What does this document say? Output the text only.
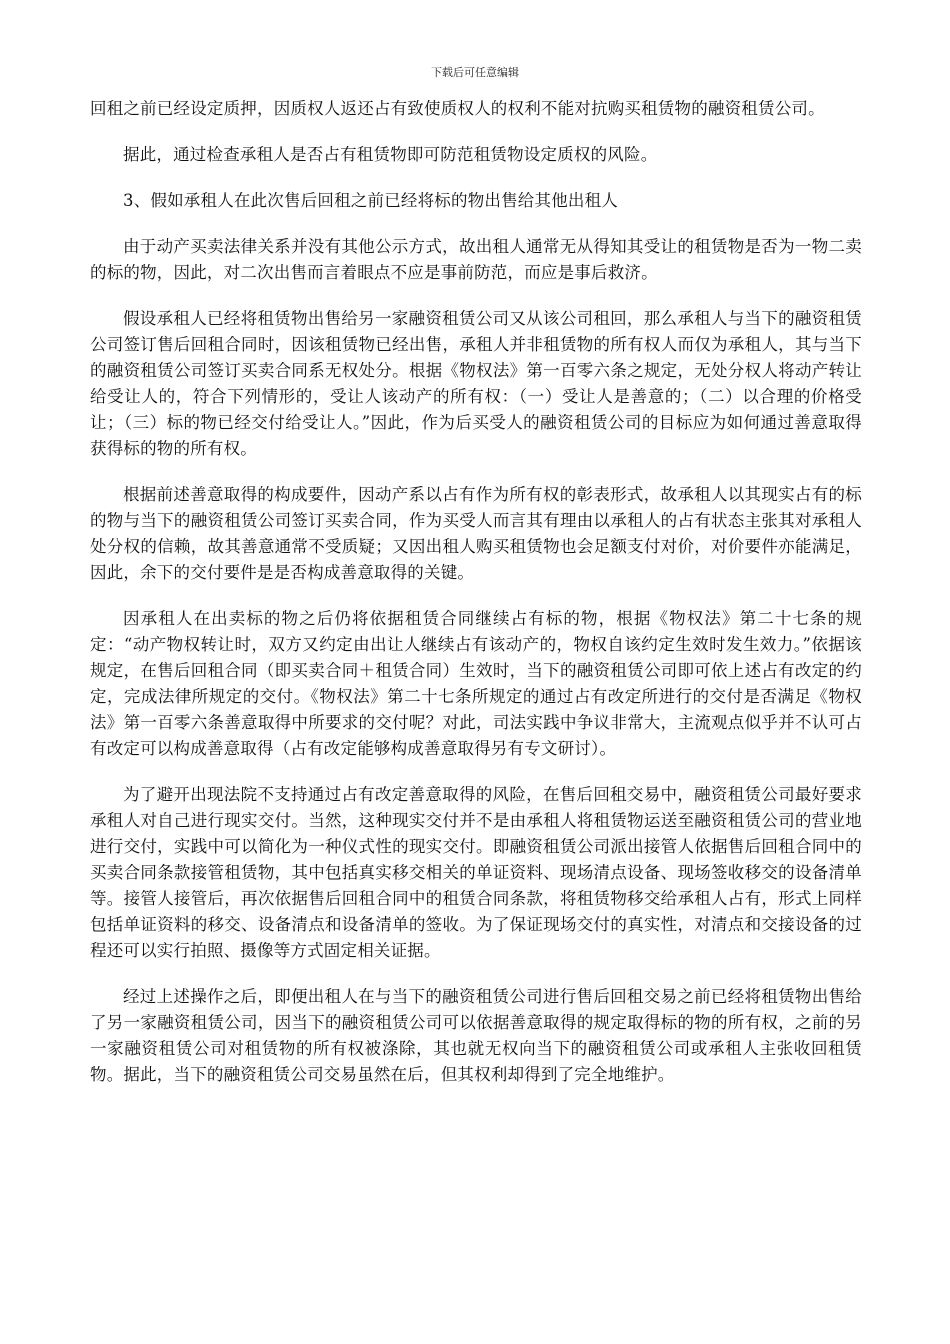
下载后可任意编辑

回租之前已经设定质押，因质权人返还占有致使质权人的权利不能对抗购买租赁物的融资租赁公司。

据此，通过检查承租人是否占有租赁物即可防范租赁物设定质权的风险。

3、假如承租人在此次售后回租之前已经将标的物出售给其他出租人

由于动产买卖法律关系并没有其他公示方式，故出租人通常无从得知其受让的租赁物是否为一物二卖的标的物，因此，对二次出售而言着眼点不应是事前防范，而应是事后救济。

假设承租人已经将租赁物出售给另一家融资租赁公司又从该公司租回，那么承租人与当下的融资租赁公司签订售后回租合同时，因该租赁物已经出售，承租人并非租赁物的所有权人而仅为承租人，其与当下的融资租赁公司签订买卖合同系无权处分。根据《物权法》第一百零六条之规定，无处分权人将动产转让给受让人的，符合下列情形的，受让人该动产的所有权：（一）受让人是善意的；（二）以合理的价格受让；（三）标的物已经交付给受让人。”因此，作为后买受人的融资租赁公司的目标应为如何通过善意取得获得标的物的所有权。

根据前述善意取得的构成要件，因动产系以占有作为所有权的彰表形式，故承租人以其现实占有的标的物与当下的融资租赁公司签订买卖合同，作为买受人而言其有理由以承租人的占有状态主张其对承租人处分权的信赖，故其善意通常不受质疑；又因出租人购买租赁物也会足额支付对价，对价要件亦能满足，因此，余下的交付要件是是否构成善意取得的关键。

因承租人在出卖标的物之后仍将依据租赁合同继续占有标的物，根据《物权法》第二十七条的规定：“动产物权转让时，双方又约定由出让人继续占有该动产的，物权自该约定生效时发生效力。”依据该规定，在售后回租合同（即买卖合同＋租赁合同）生效时，当下的融资租赁公司即可依上述占有改定的约定，完成法律所规定的交付。《物权法》第二十七条所规定的通过占有改定所进行的交付是否满足《物权法》第一百零六条善意取得中所要求的交付呢？对此，司法实践中争议非常大，主流观点似乎并不认可占有改定可以构成善意取得（占有改定能够构成善意取得另有专文研讨）。

为了避开出现法院不支持通过占有改定善意取得的风险，在售后回租交易中，融资租赁公司最好要求承租人对自己进行现实交付。当然，这种现实交付并不是由承租人将租赁物运送至融资租赁公司的营业地进行交付，实践中可以简化为一种仪式性的现实交付。即融资租赁公司派出接管人依据售后回租合同中的买卖合同条款接管租赁物，其中包括真实移交相关的单证资料、现场清点设备、现场签收移交的设备清单等。接管人接管后，再次依据售后回租合同中的租赁合同条款，将租赁物移交给承租人占有，形式上同样包括单证资料的移交、设备清点和设备清单的签收。为了保证现场交付的真实性，对清点和交接设备的过程还可以实行拍照、摄像等方式固定相关证据。

经过上述操作之后，即便出租人在与当下的融资租赁公司进行售后回租交易之前已经将租赁物出售给了另一家融资租赁公司，因当下的融资租赁公司可以依据善意取得的规定取得标的物的所有权，之前的另一家融资租赁公司对租赁物的所有权被涤除，其也就无权向当下的融资租赁公司或承租人主张收回租赁物。据此，当下的融资租赁公司交易虽然在后，但其权利却得到了完全地维护。
